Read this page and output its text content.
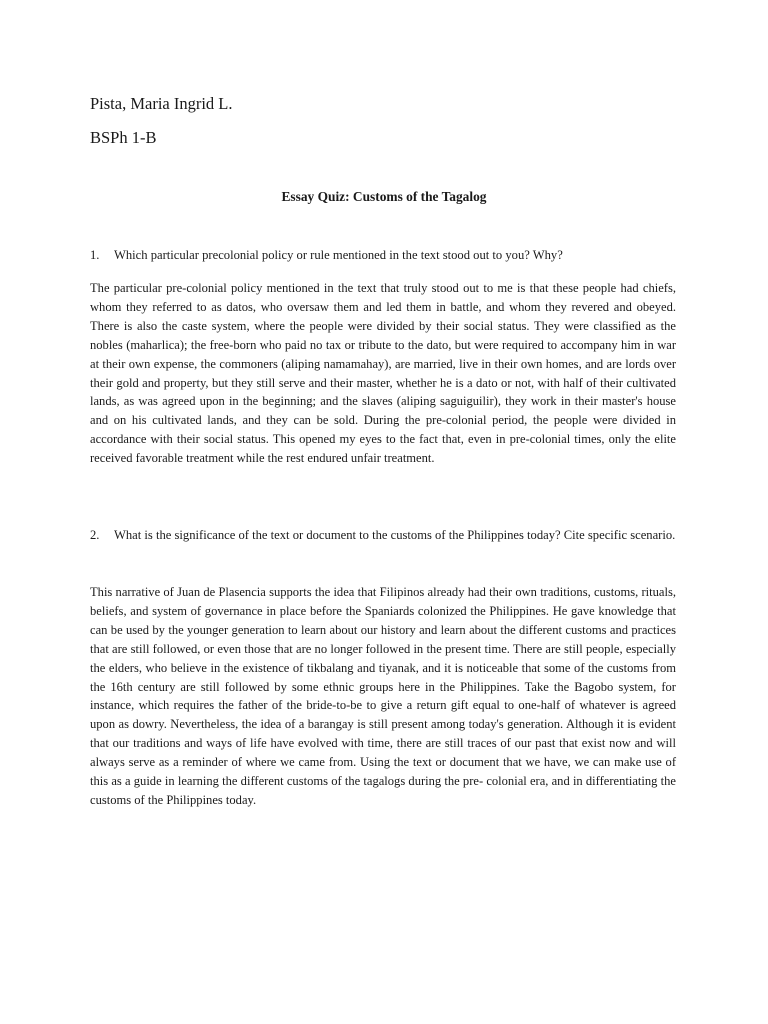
Pista, Maria Ingrid L.

BSPh 1-B

Essay Quiz: Customs of the Tagalog
1.	Which particular precolonial policy or rule mentioned in the text stood out to you? Why?

The particular pre-colonial policy mentioned in the text that truly stood out to me is that these people had chiefs, whom they referred to as datos, who oversaw them and led them in battle, and whom they revered and obeyed. There is also the caste system, where the people were divided by their social status. They were classified as the nobles (maharlica); the free-born who paid no tax or tribute to the dato, but were required to accompany him in war at their own expense, the commoners (aliping namamahay), are married, live in their own homes, and are lords over their gold and property, but they still serve and their master, whether he is a dato or not, with half of their cultivated lands, as was agreed upon in the beginning; and the slaves (aliping saguiguilir), they work in their master's house and on his cultivated lands, and they can be sold. During the pre-colonial period, the people were divided in accordance with their social status. This opened my eyes to the fact that, even in pre-colonial times, only the elite received favorable treatment while the rest endured unfair treatment.

2.	What is the significance of the text or document to the customs of the Philippines today? Cite specific scenario.

This narrative of Juan de Plasencia supports the idea that Filipinos already had their own traditions, customs, rituals, beliefs, and system of governance in place before the Spaniards colonized the Philippines. He gave knowledge that can be used by the younger generation to learn about our history and learn about the different customs and practices that are still followed, or even those that are no longer followed in the present time. There are still people, especially the elders, who believe in the existence of tikbalang and tiyanak, and it is noticeable that some of the customs from the 16th century are still followed by some ethnic groups here in the Philippines. Take the Bagobo system, for instance, which requires the father of the bride-to-be to give a return gift equal to one-half of whatever is agreed upon as dowry. Nevertheless, the idea of a barangay is still present among today's generation. Although it is evident that our traditions and ways of life have evolved with time, there are still traces of our past that exist now and will always serve as a reminder of where we came from. Using the text or document that we have, we can make use of this as a guide in learning the different customs of the tagalogs during the pre- colonial era, and in differentiating the customs of the Philippines today.
